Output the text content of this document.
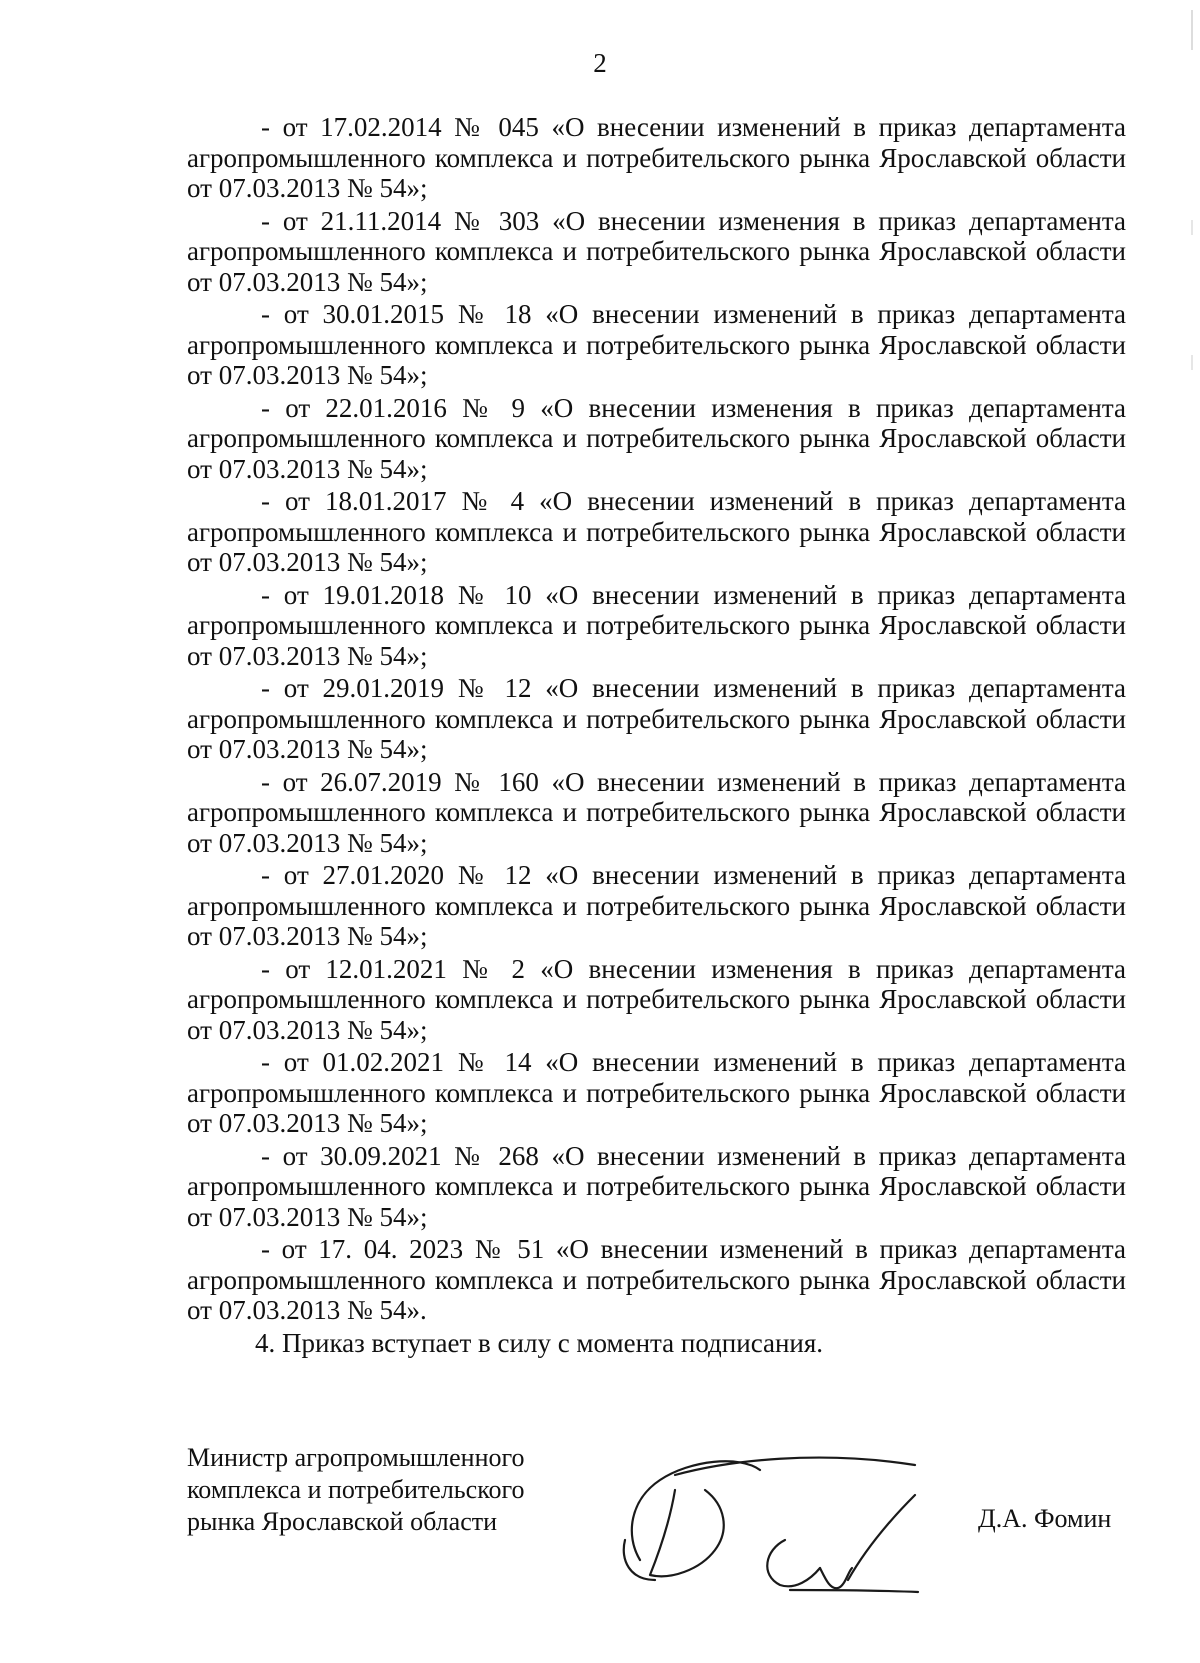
2

- от 17.02.2014 № 045 «О внесении изменений в приказ департамента агропромышленного комплекса и потребительского рынка Ярославской области от 07.03.2013 № 54»;

- от 21.11.2014 № 303 «О внесении изменения в приказ департамента агропромышленного комплекса и потребительского рынка Ярославской области от 07.03.2013 № 54»;

- от 30.01.2015 № 18 «О внесении изменений в приказ департамента агропромышленного комплекса и потребительского рынка Ярославской области от 07.03.2013 № 54»;

- от 22.01.2016 № 9 «О внесении изменения в приказ департамента агропромышленного комплекса и потребительского рынка Ярославской области от 07.03.2013 № 54»;

- от 18.01.2017 № 4 «О внесении изменений в приказ департамента агропромышленного комплекса и потребительского рынка Ярославской области от 07.03.2013 № 54»;

- от 19.01.2018 № 10 «О внесении изменений в приказ департамента агропромышленного комплекса и потребительского рынка Ярославской области от 07.03.2013 № 54»;

- от 29.01.2019 № 12 «О внесении изменений в приказ департамента агропромышленного комплекса и потребительского рынка Ярославской области от 07.03.2013 № 54»;

- от 26.07.2019 № 160 «О внесении изменений в приказ департамента агропромышленного комплекса и потребительского рынка Ярославской области от 07.03.2013 № 54»;

- от 27.01.2020 № 12 «О внесении изменений в приказ департамента агропромышленного комплекса и потребительского рынка Ярославской области от 07.03.2013 № 54»;

- от 12.01.2021 № 2 «О внесении изменения в приказ департамента агропромышленного комплекса и потребительского рынка Ярославской области от 07.03.2013 № 54»;

- от 01.02.2021 № 14 «О внесении изменений в приказ департамента агропромышленного комплекса и потребительского рынка Ярославской области от 07.03.2013 № 54»;

- от 30.09.2021 № 268 «О внесении изменений в приказ департамента агропромышленного комплекса и потребительского рынка Ярославской области от 07.03.2013 № 54»;

- от 17. 04. 2023 № 51 «О внесении изменений в приказ департамента агропромышленного комплекса и потребительского рынка Ярославской области от 07.03.2013 № 54».

4. Приказ вступает в силу с момента подписания.
Министр агропромышленного
комплекса и потребительского
рынка Ярославской области	Д.А. Фомин
